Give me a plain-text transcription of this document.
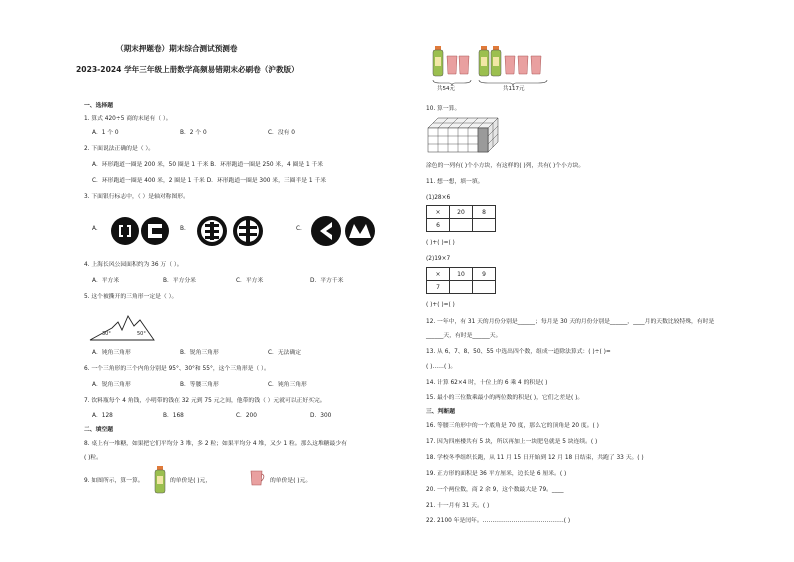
（期末押题卷）期末综合测试预测卷
2023-2024 学年三年级上册数学高频易错期末必刷卷（沪教版）
一、选择题
1. 算式 420÷5 商的末尾有（ ）。
A．1 个 0	B．2 个 0	C．没有 0
2. 下面说法正确的是（ ）。
A．环形跑道一圈是 200 米，50 圈是 1 千米 B．环形跑道一圈是 250 米，4 圈是 1 千米
C．环形跑道一圈是 400 米，2 圈是 1 千米 D．环形跑道一圈是 300 米，三圈半是 1 千米
3. 下面银行标志中，（ ）是轴对称图形。
A.	B.	C.
4. 上海长风公园面积约为 36 万（ ）。
A．平方米	B．平方分米	C．平方米	D．平方千米
5. 这个被撕开的三角形一定是（ ）。
30°	50°
A．钝角三角形	B．锐角三角形	C．无法确定
6. 一个三角形的三个内角分别是 95°、30°和 55°，这个三角形是（ ）。
A．锐角三角形	B．等腰三角形	C．钝角三角形
7. 饮料瓶每个 4 角钱，小明带的钱在 32 元到 75 元之间，他带的钱（ ）元就可以正好买完。
A．128	B．168	C．200	D．300
二、填空题
8. 桌上有一堆糖，如果把它们平均分 3 堆，多 2 粒；如果平均分 4 堆，又少 1 粒。那么这堆糖最少有
( )粒。
9. 如图所示，算一算。	的单价是( )元，	的单价是( )元。
共54元	共117元
10. 算一算。
涂色的一列有( )个小方块，有这样的( )列，共有( )个小方块。
11. 想一想，填一填。
(1)28×6
×	20	8
6		
( )+( )=( )
(2)19×7
×	10	9
7		
( )+( )=( )
12. 一年中，有 31 天的月份分别是______；每月是 30 天的月份分别是______，____月的天数比较特殊，有时是
______天，有时是______天。
13. 从 6、7、8、50、55 中选出四个数，组成一道除法算式：( )÷( )=
( )……( )。
14. 计算 62×4 时，十位上的 6 乘 4 的积是( )
15. 最小的三位数乘最小的两位数的积是( )，它们之差是( )。
三、判断题
16. 等腰三角形中的一个底角是 70 度，那么它的顶角是 20 度。( )
17. 因为四座楼共有 5 块，所以再加上一块肥皂就是 5 块连续。( )
18. 学校冬季组织长跑，从 11 月 15 日开始到 12 月 18 日结束，共跑了 33 天。( )
19. 正方形的面积是 36 平方厘米，边长是 6 厘米。( )
20. 一个两位数，商 2 余 9，这个数最大是 79。____
21. 十一月有 31 天。( )
22. 2100 年是闰年。……………………………………( )
